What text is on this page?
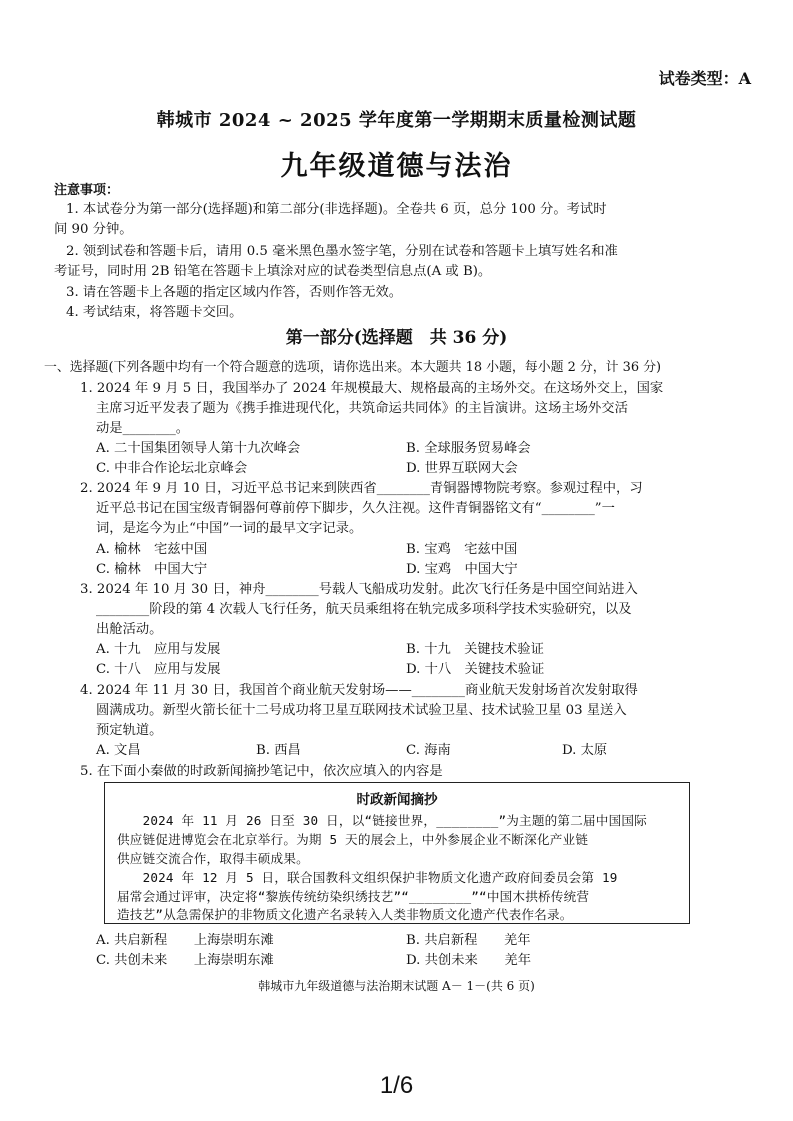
试卷类型：A
韩城市 2024 ~ 2025 学年度第一学期期末质量检测试题
九年级道德与法治
注意事项：
1. 本试卷分为第一部分(选择题)和第二部分(非选择题)。全卷共 6 页，总分 100 分。考试时
间 90 分钟。
2. 领到试卷和答题卡后，请用 0.5 毫米黑色墨水签字笔，分别在试卷和答题卡上填写姓名和准
考证号，同时用 2B 铅笔在答题卡上填涂对应的试卷类型信息点(A 或 B)。
3. 请在答题卡上各题的指定区域内作答，否则作答无效。
4. 考试结束，将答题卡交回。
第一部分(选择题　共 36 分)
一、选择题(下列各题中均有一个符合题意的选项，请你选出来。本大题共 18 小题，每小题 2 分，计 36 分)
1. 2024 年 9 月 5 日，我国举办了 2024 年规模最大、规格最高的主场外交。在这场外交上，国家
主席习近平发表了题为《携手推进现代化，共筑命运共同体》的主旨演讲。这场主场外交活
动是________。
A. 二十国集团领导人第十九次峰会	B. 全球服务贸易峰会
C. 中非合作论坛北京峰会	D. 世界互联网大会
2. 2024 年 9 月 10 日，习近平总书记来到陕西省________青铜器博物院考察。参观过程中，习
近平总书记在国宝级青铜器何尊前停下脚步，久久注视。这件青铜器铭文有“________”一
词，是迄今为止“中国”一词的最早文字记录。
A. 榆林　宅兹中国	B. 宝鸡　宅兹中国
C. 榆林　中国大宁	D. 宝鸡　中国大宁
3. 2024 年 10 月 30 日，神舟________号载人飞船成功发射。此次飞行任务是中国空间站进入
________阶段的第 4 次载人飞行任务，航天员乘组将在轨完成多项科学技术实验研究，以及
出舱活动。
A. 十九　应用与发展	B. 十九　关键技术验证
C. 十八　应用与发展	D. 十八　关键技术验证
4. 2024 年 11 月 30 日，我国首个商业航天发射场——________商业航天发射场首次发射取得
圆满成功。新型火箭长征十二号成功将卫星互联网技术试验卫星、技术试验卫星 03 星送入
预定轨道。
A. 文昌	B. 西昌	C. 海南	D. 太原
5. 在下面小秦做的时政新闻摘抄笔记中，依次应填入的内容是
时政新闻摘抄
　　2024 年 11 月 26 日至 30 日，以“链接世界，________”为主题的第二届中国国际
供应链促进博览会在北京举行。为期 5 天的展会上，中外参展企业不断深化产业链
供应链交流合作，取得丰硕成果。
　　2024 年 12 月 5 日，联合国教科文组织保护非物质文化遗产政府间委员会第 19
届常会通过评审，决定将“黎族传统纺染织绣技艺”“________”“中国木拱桥传统营
造技艺”从急需保护的非物质文化遗产名录转入人类非物质文化遗产代表作名录。
A. 共启新程　　上海崇明东滩	B. 共启新程　　羌年
C. 共创未来　　上海崇明东滩	D. 共创未来　　羌年
韩城市九年级道德与法治期末试题 A－ 1－(共 6 页)
1/6
